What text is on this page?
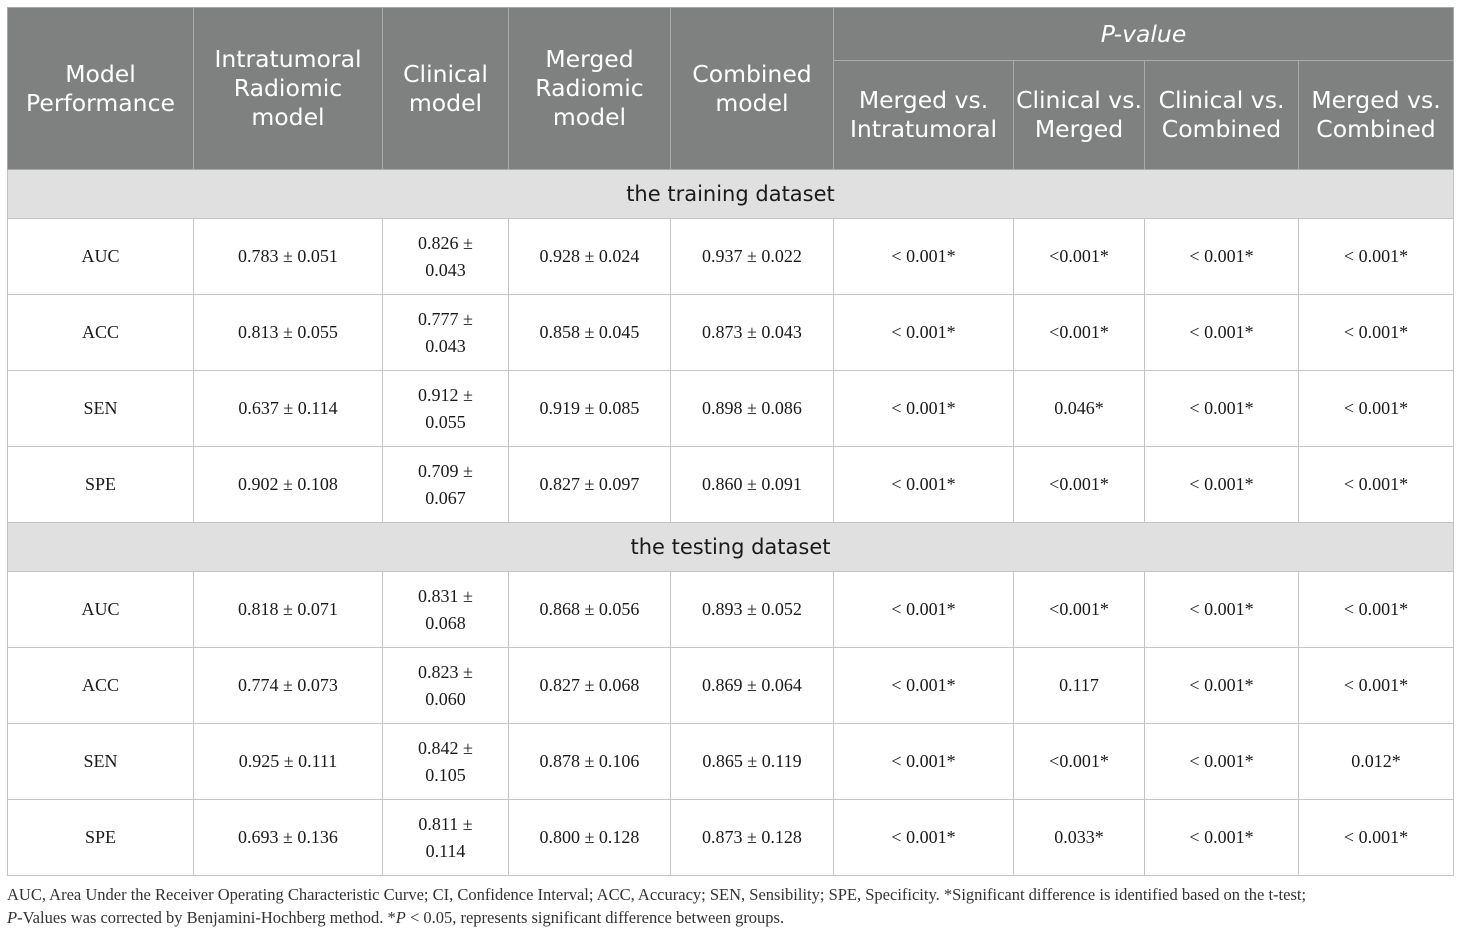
Model Performance	Intratumoral Radiomic model	Clinical model	Merged Radiomic model	Combined model	P-value			
					Merged vs. Intratumoral	Clinical vs. Merged	Clinical vs. Combined	Merged vs. Combined
the training dataset								
AUC	0.783 ± 0.051	0.826 ± 0.043	0.928 ± 0.024	0.937 ± 0.022	< 0.001*	<0.001*	< 0.001*	< 0.001*
ACC	0.813 ± 0.055	0.777 ± 0.043	0.858 ± 0.045	0.873 ± 0.043	< 0.001*	<0.001*	< 0.001*	< 0.001*
SEN	0.637 ± 0.114	0.912 ± 0.055	0.919 ± 0.085	0.898 ± 0.086	< 0.001*	0.046*	< 0.001*	< 0.001*
SPE	0.902 ± 0.108	0.709 ± 0.067	0.827 ± 0.097	0.860 ± 0.091	< 0.001*	<0.001*	< 0.001*	< 0.001*
the testing dataset								
AUC	0.818 ± 0.071	0.831 ± 0.068	0.868 ± 0.056	0.893 ± 0.052	< 0.001*	<0.001*	< 0.001*	< 0.001*
ACC	0.774 ± 0.073	0.823 ± 0.060	0.827 ± 0.068	0.869 ± 0.064	< 0.001*	0.117	< 0.001*	< 0.001*
SEN	0.925 ± 0.111	0.842 ± 0.105	0.878 ± 0.106	0.865 ± 0.119	< 0.001*	<0.001*	< 0.001*	0.012*
SPE	0.693 ± 0.136	0.811 ± 0.114	0.800 ± 0.128	0.873 ± 0.128	< 0.001*	0.033*	< 0.001*	< 0.001*

AUC, Area Under the Receiver Operating Characteristic Curve; CI, Confidence Interval; ACC, Accuracy; SEN, Sensibility; SPE, Specificity. *Significant difference is identified based on the t-test;

P-Values was corrected by Benjamini-Hochberg method. *P < 0.05, represents significant difference between groups.
